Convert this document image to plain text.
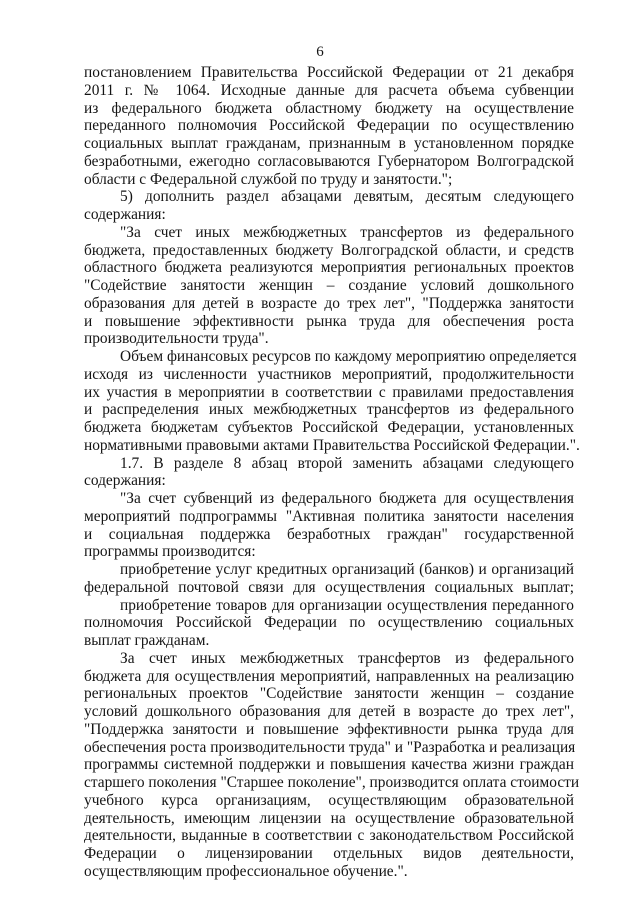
6
постановлением Правительства Российской Федерации от 21 декабря
2011 г. № 1064. Исходные данные для расчета объема субвенции
из федерального бюджета областному бюджету на осуществление
переданного полномочия Российской Федерации по осуществлению
социальных выплат гражданам, признанным в установленном порядке
безработными, ежегодно согласовываются Губернатором Волгоградской
области с Федеральной службой по труду и занятости.";
5) дополнить раздел абзацами девятым, десятым следующего
содержания:
"За счет иных межбюджетных трансфертов из федерального
бюджета, предоставленных бюджету Волгоградской области, и средств
областного бюджета реализуются мероприятия региональных проектов
"Содействие занятости женщин – создание условий дошкольного
образования для детей в возрасте до трех лет", "Поддержка занятости
и повышение эффективности рынка труда для обеспечения роста
производительности труда".
Объем финансовых ресурсов по каждому мероприятию определяется
исходя из численности участников мероприятий, продолжительности
их участия в мероприятии в соответствии с правилами предоставления
и распределения иных межбюджетных трансфертов из федерального
бюджета бюджетам субъектов Российской Федерации, установленных
нормативными правовыми актами Правительства Российской Федерации.".
1.7. В разделе 8 абзац второй заменить абзацами следующего
содержания:
"За счет субвенций из федерального бюджета для осуществления
мероприятий подпрограммы "Активная политика занятости населения
и социальная поддержка безработных граждан" государственной
программы производится:
приобретение услуг кредитных организаций (банков) и организаций
федеральной почтовой связи для осуществления социальных выплат;
приобретение товаров для организации осуществления переданного
полномочия Российской Федерации по осуществлению социальных
выплат гражданам.
За счет иных межбюджетных трансфертов из федерального
бюджета для осуществления мероприятий, направленных на реализацию
региональных проектов "Содействие занятости женщин – создание
условий дошкольного образования для детей в возрасте до трех лет",
"Поддержка занятости и повышение эффективности рынка труда для
обеспечения роста производительности труда" и "Разработка и реализация
программы системной поддержки и повышения качества жизни граждан
старшего поколения "Старшее поколение", производится оплата стоимости
учебного курса организациям, осуществляющим образовательной
деятельность, имеющим лицензии на осуществление образовательной
деятельности, выданные в соответствии с законодательством Российской
Федерации о лицензировании отдельных видов деятельности,
осуществляющим профессиональное обучение.".
